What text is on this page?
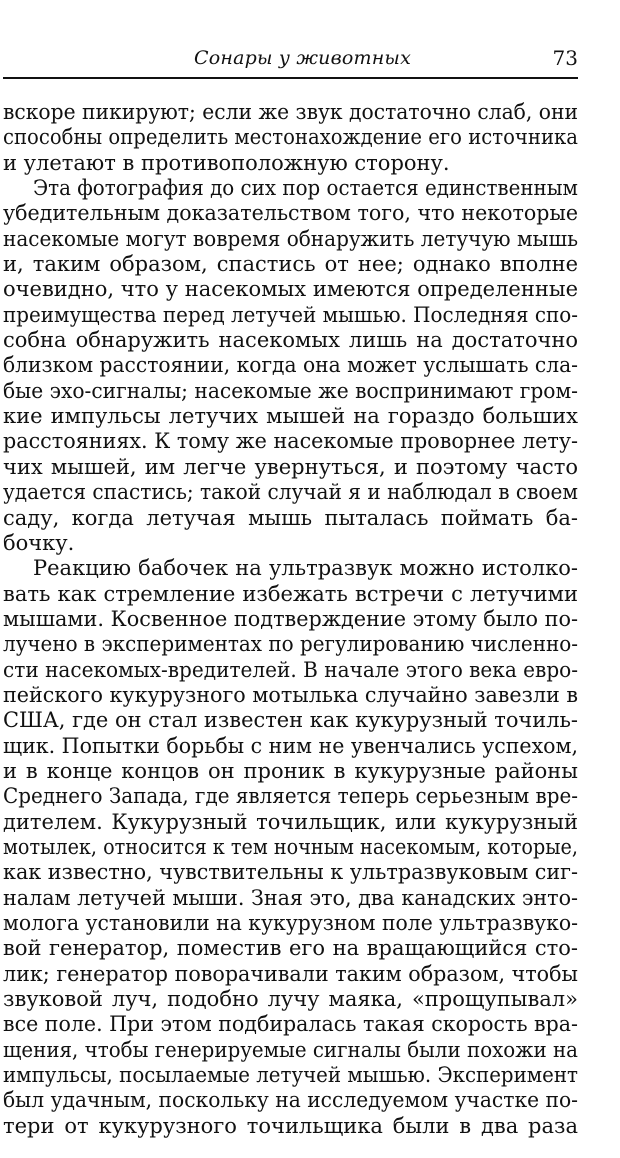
Сонары у животных	73
вскоре пикируют; если же звук достаточно слаб, они
способны определить местонахождение его источника
и улетают в противоположную сторону.
Эта фотография до сих пор остается единственным
убедительным доказательством того, что некоторые
насекомые могут вовремя обнаружить летучую мышь
и, таким образом, спастись от нее; однако вполне
очевидно, что у насекомых имеются определенные
преимущества перед летучей мышью. Последняя спо-
собна обнаружить насекомых лишь на достаточно
близком расстоянии, когда она может услышать сла-
бые эхо-сигналы; насекомые же воспринимают гром-
кие импульсы летучих мышей на гораздо больших
расстояниях. К тому же насекомые проворнее лету-
чих мышей, им легче увернуться, и поэтому часто
удается спастись; такой случай я и наблюдал в своем
саду, когда летучая мышь пыталась поймать ба-
бочку.
Реакцию бабочек на ультразвук можно истолко-
вать как стремление избежать встречи с летучими
мышами. Косвенное подтверждение этому было по-
лучено в экспериментах по регулированию численно-
сти насекомых-вредителей. В начале этого века евро-
пейского кукурузного мотылька случайно завезли в
США, где он стал известен как кукурузный точиль-
щик. Попытки борьбы с ним не увенчались успехом,
и в конце концов он проник в кукурузные районы
Среднего Запада, где является теперь серьезным вре-
дителем. Кукурузный точильщик, или кукурузный
мотылек, относится к тем ночным насекомым, которые,
как известно, чувствительны к ультразвуковым сиг-
налам летучей мыши. Зная это, два канадских энто-
молога установили на кукурузном поле ультразвуко-
вой генератор, поместив его на вращающийся сто-
лик; генератор поворачивали таким образом, чтобы
звуковой луч, подобно лучу маяка, «прощупывал»
все поле. При этом подбиралась такая скорость вра-
щения, чтобы генерируемые сигналы были похожи на
импульсы, посылаемые летучей мышью. Эксперимент
был удачным, поскольку на исследуемом участке по-
тери от кукурузного точильщика были в два раза
